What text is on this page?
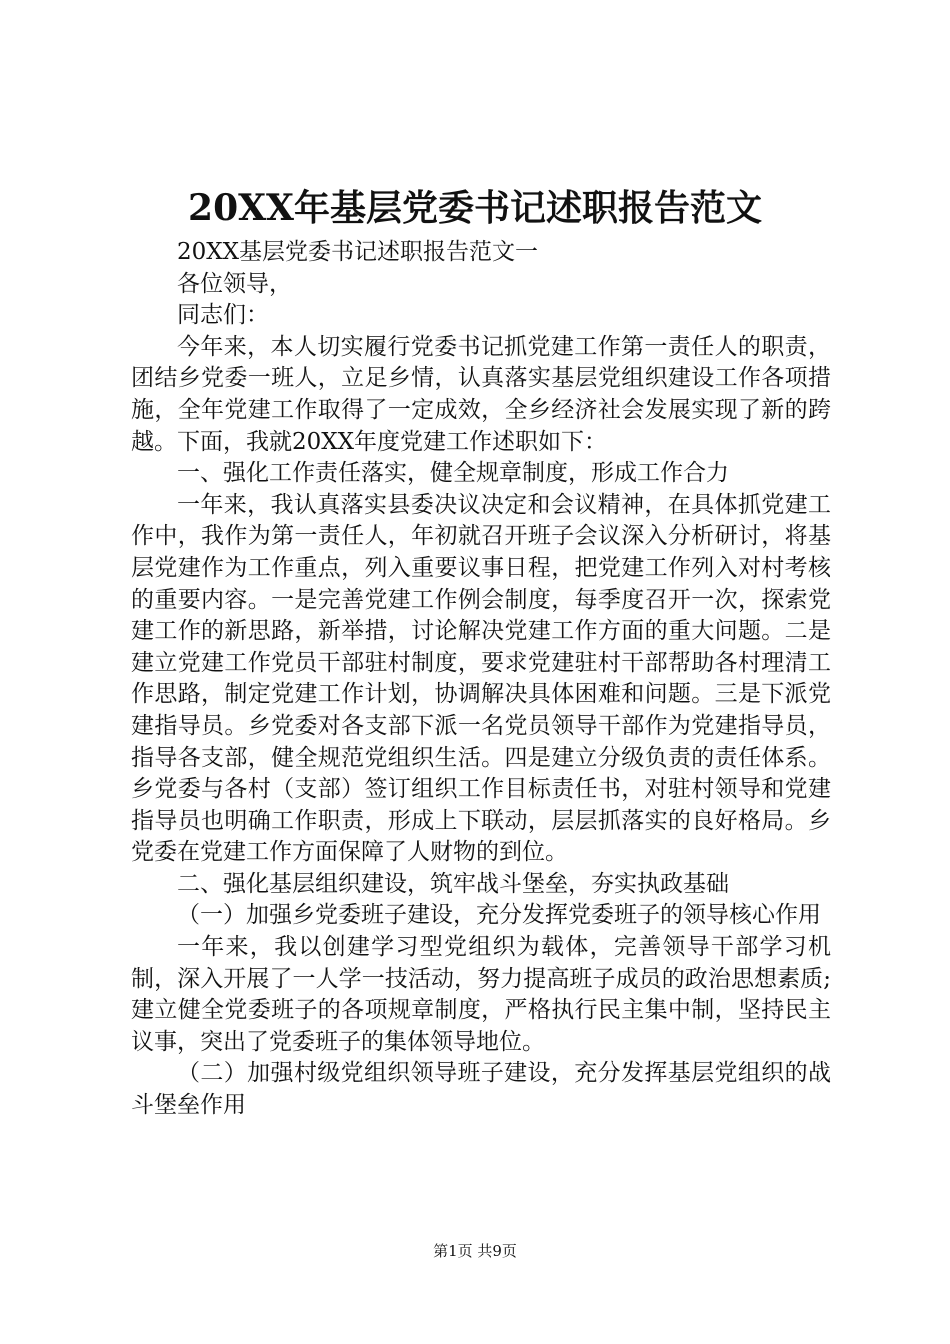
20XX年基层党委书记述职报告范文

20XX基层党委书记述职报告范文一

各位领导，

同志们：

今年来，本人切实履行党委书记抓党建工作第一责任人的职责，团结乡党委一班人，立足乡情，认真落实基层党组织建设工作各项措施，全年党建工作取得了一定成效，全乡经济社会发展实现了新的跨越。下面，我就20XX年度党建工作述职如下：

一、强化工作责任落实，健全规章制度，形成工作合力

一年来，我认真落实县委决议决定和会议精神，在具体抓党建工作中，我作为第一责任人，年初就召开班子会议深入分析研讨，将基层党建作为工作重点，列入重要议事日程，把党建工作列入对村考核的重要内容。一是完善党建工作例会制度，每季度召开一次，探索党建工作的新思路，新举措，讨论解决党建工作方面的重大问题。二是建立党建工作党员干部驻村制度，要求党建驻村干部帮助各村理清工作思路，制定党建工作计划，协调解决具体困难和问题。三是下派党建指导员。乡党委对各支部下派一名党员领导干部作为党建指导员，指导各支部，健全规范党组织生活。四是建立分级负责的责任体系。乡党委与各村（支部）签订组织工作目标责任书，对驻村领导和党建指导员也明确工作职责，形成上下联动，层层抓落实的良好格局。乡党委在党建工作方面保障了人财物的到位。

二、强化基层组织建设，筑牢战斗堡垒，夯实执政基础

（一）加强乡党委班子建设，充分发挥党委班子的领导核心作用

一年来，我以创建学习型党组织为载体，完善领导干部学习机制，深入开展了一人学一技活动，努力提高班子成员的政治思想素质;建立健全党委班子的各项规章制度，严格执行民主集中制，坚持民主议事，突出了党委班子的集体领导地位。

（二）加强村级党组织领导班子建设，充分发挥基层党组织的战斗堡垒作用

第1页 共9页
